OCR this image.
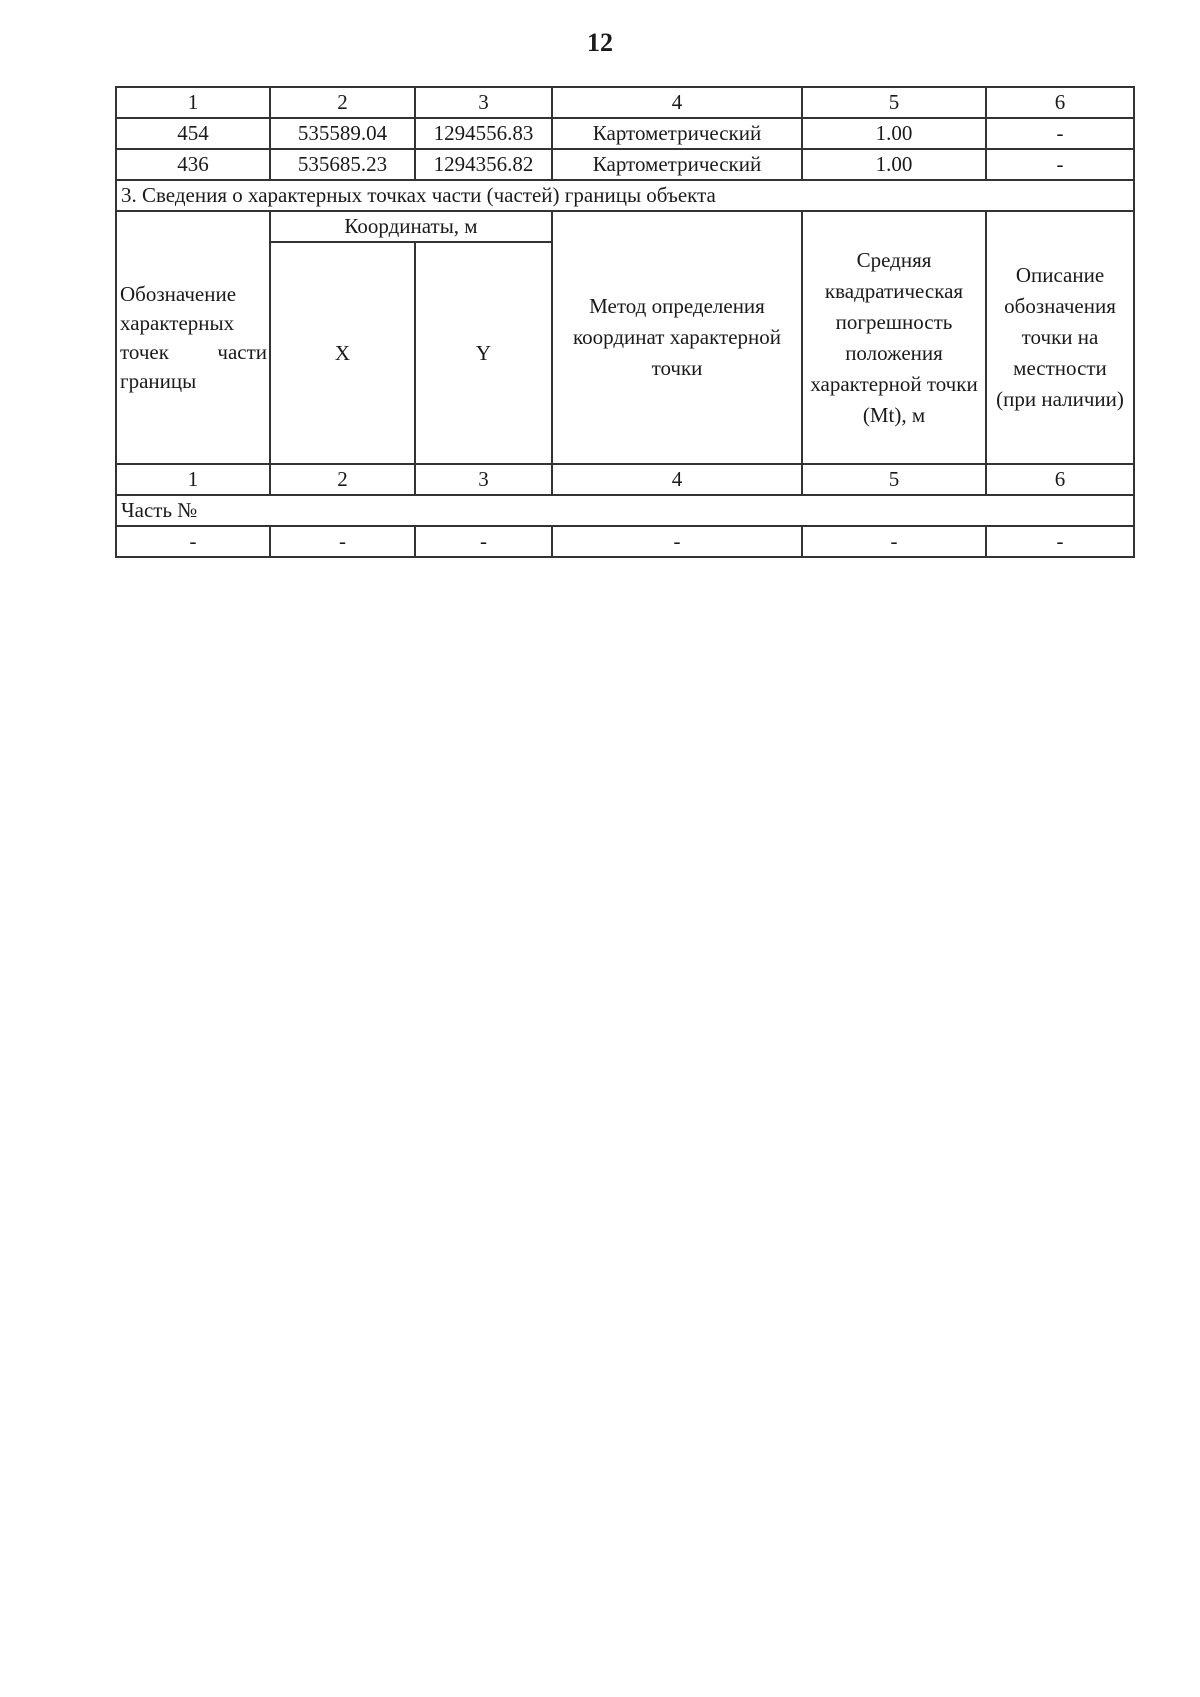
12
1	2	3	4	5	6
454	535589.04	1294556.83	Картометрический	1.00	-
436	535685.23	1294356.82	Картометрический	1.00	-
3. Сведения о характерных точках части (частей) границы объекта					
Обозначение характерных точек части границы	Координаты, м		Метод определения координат характерной точки	Средняя квадратическая погрешность положения характерной точки (Mt), м	Описание обозначения точки на местности (при наличии)
	X	Y			
1	2	3	4	5	6
Часть №					
-	-	-	-	-	-
